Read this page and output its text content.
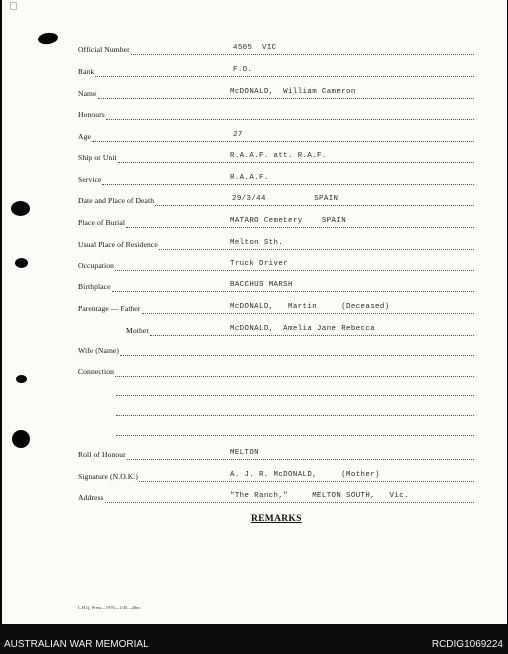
Official Number	4505  VIC
Rank	F.O.
Name	McDONALD,  William Cameron
Honours
Age	27
Ship or Unit	R.A.A.F. att. R.A.F.
Service	R.A.A.F.
Date and Place of Death	29/3/44          SPAIN
Place of Burial	MATARO Cemetery    SPAIN
Usual Place of Residence	Melton Sth.
Occupation	Truck Driver
Birthplace	BACCHUS MARSH
Parentage — Father	McDONALD,   Martin     (Deceased)
Mother	McDONALD,  Amelia Jane Rebecca
Wife (Name)
Connection
Roll of Honour	MELTON
Signature (N.O.K.)	A. J. R. McDONALD,     (Mother)
Address	"The Ranch,"     MELTON SOUTH,   Vic.
REMARKS
L.H.Q. Press—1976—1/45—20m.
AUSTRALIAN WAR MEMORIAL	RCDIG1069224
